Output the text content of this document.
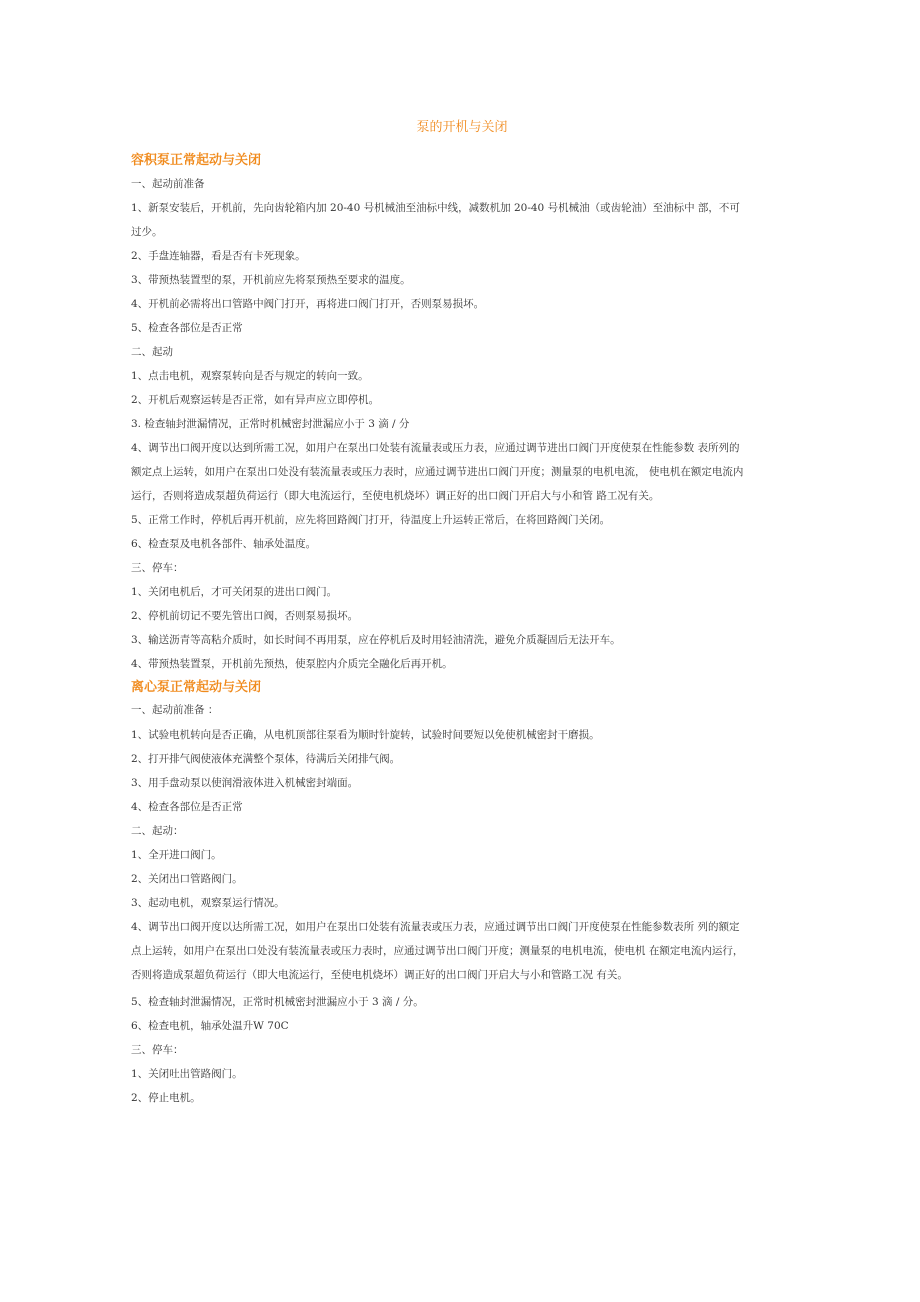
泵的开机与关闭
容积泵正常起动与关闭
一、起动前准备
1、新泵安装后，开机前，先向齿轮箱内加 20-40 号机械油至油标中线，减数机加 20-40 号机械油（或齿轮油）至油标中 部，不可
过少。
2、手盘连轴器，看是否有卡死现象。
3、带预热装置型的泵，开机前应先将泵预热至要求的温度。
4、开机前必需将出口管路中阀门打开，再将进口阀门打开，否则泵易损坏。
5、检查各部位是否正常
二、起动
1、点击电机，观察泵转向是否与规定的转向一致。
2、开机后观察运转是否正常，如有异声应立即停机。
3. 检查轴封泄漏情况，正常时机械密封泄漏应小于 3 滴 / 分
4、调节出口阀开度以达到所需工况，如用户在泵出口处装有流量表或压力表，应通过调节进出口阀门开度使泵在性能参数 表所列的
额定点上运转，如用户在泵出口处没有装流量表或压力表时，应通过调节进出口阀门开度；测量泵的电机电流， 使电机在额定电流内
运行，否则将造成泵超负荷运行（即大电流运行，至使电机烧坏）调正好的出口阀门开启大与小和管 路工况有关。
5、正常工作时，停机后再开机前，应先将回路阀门打开，待温度上升运转正常后，在将回路阀门关闭。
6、检查泵及电机各部件、轴承处温度。
三、停车：
1、关闭电机后，才可关闭泵的进出口阀门。
2、停机前切记不要先管出口阀，否则泵易损坏。
3、输送沥青等高粘介质时，如长时间不再用泵，应在停机后及时用轻油清洗，避免介质凝固后无法开车。
4、带预热装置泵，开机前先预热，使泵腔内介质完全融化后再开机。
离心泵正常起动与关闭
一、起动前准备 ：
1、试验电机转向是否正确，从电机顶部往泵看为顺时针旋转，试验时间要短以免使机械密封干磨损。
2、打开排气阀使液体充满整个泵体，待满后关闭排气阀。
3、用手盘动泵以使润滑液体进入机械密封端面。
4、检查各部位是否正常
二、起动：
1、全开进口阀门。
2、关闭出口管路阀门。
3、起动电机，观察泵运行情况。
4、调节出口阀开度以达所需工况，如用户在泵出口处装有流量表或压力表，应通过调节出口阀门开度使泵在性能参数表所 列的额定
点上运转，如用户在泵出口处没有装流量表或压力表时，应通过调节出口阀门开度；测量泵的电机电流，使电机 在额定电流内运行，
否则将造成泵超负荷运行（即大电流运行，至使电机烧坏）调正好的出口阀门开启大与小和管路工况 有关。
5、检查轴封泄漏情况，正常时机械密封泄漏应小于 3 滴 / 分。
6、检查电机，轴承处温升W 70C
三、停车：
1、关闭吐出管路阀门。
2、停止电机。
